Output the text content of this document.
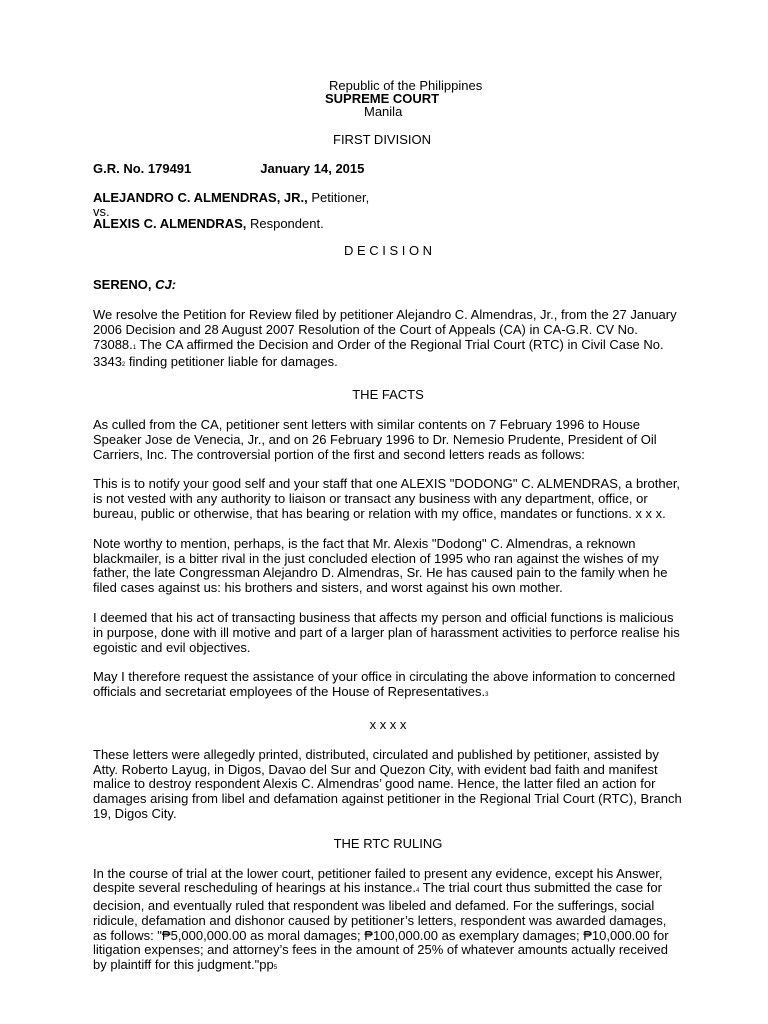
Republic of the Philippines
SUPREME COURT
Manila
FIRST DIVISION
G.R. No. 179491	January 14, 2015
ALEJANDRO C. ALMENDRAS, JR., Petitioner,
vs.
ALEXIS C. ALMENDRAS, Respondent.
D E C I S I O N
SERENO, CJ:

We resolve the Petition for Review filed by petitioner Alejandro C. Almendras, Jr., from the 27 January 2006 Decision and 28 August 2007 Resolution of the Court of Appeals (CA) in CA-G.R. CV No. 73088.1 The CA affirmed the Decision and Order of the Regional Trial Court (RTC) in Civil Case No. 33432 finding petitioner liable for damages.

THE FACTS

As culled from the CA, petitioner sent letters with similar contents on 7 February 1996 to House Speaker Jose de Venecia, Jr., and on 26 February 1996 to Dr. Nemesio Prudente, President of Oil Carriers, Inc. The controversial portion of the first and second letters reads as follows:

This is to notify your good self and your staff that one ALEXIS "DODONG" C. ALMENDRAS, a brother, is not vested with any authority to liaison or transact any business with any department, office, or bureau, public or otherwise, that has bearing or relation with my office, mandates or functions. x x x.

Note worthy to mention, perhaps, is the fact that Mr. Alexis "Dodong" C. Almendras, a reknown blackmailer, is a bitter rival in the just concluded election of 1995 who ran against the wishes of my father, the late Congressman Alejandro D. Almendras, Sr. He has caused pain to the family when he filed cases against us: his brothers and sisters, and worst against his own mother.

I deemed that his act of transacting business that affects my person and official functions is malicious in purpose, done with ill motive and part of a larger plan of harassment activities to perforce realise his egoistic and evil objectives.

May I therefore request the assistance of your office in circulating the above information to concerned officials and secretariat employees of the House of Representatives.3

x x x x

These letters were allegedly printed, distributed, circulated and published by petitioner, assisted by Atty. Roberto Layug, in Digos, Davao del Sur and Quezon City, with evident bad faith and manifest malice to destroy respondent Alexis C. Almendras’ good name. Hence, the latter filed an action for damages arising from libel and defamation against petitioner in the Regional Trial Court (RTC), Branch 19, Digos City.

THE RTC RULING

In the course of trial at the lower court, petitioner failed to present any evidence, except his Answer, despite several rescheduling of hearings at his instance.4 The trial court thus submitted the case for decision, and eventually ruled that respondent was libeled and defamed. For the sufferings, social ridicule, defamation and dishonor caused by petitioner’s letters, respondent was awarded damages, as follows: "₱5,000,000.00 as moral damages; ₱100,000.00 as exemplary damages; ₱10,000.00 for litigation expenses; and attorney’s fees in the amount of 25% of whatever amounts actually received by plaintiff for this judgment."pp5
